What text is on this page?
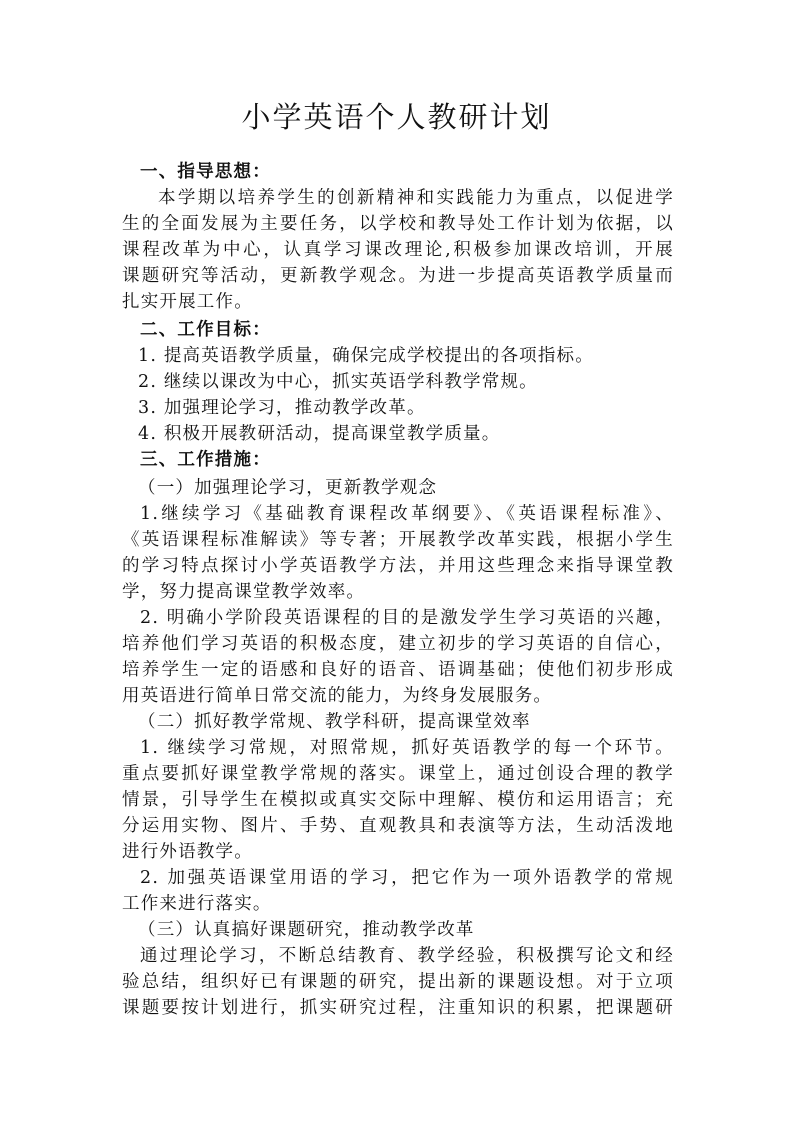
小学英语个人教研计划
一、指导思想：
本学期以培养学生的创新精神和实践能力为重点，以促进学
生的全面发展为主要任务，以学校和教导处工作计划为依据，以
课程改革为中心，认真学习课改理论,积极参加课改培训，开展
课题研究等活动，更新教学观念。为进一步提高英语教学质量而
扎实开展工作。
二、工作目标：
1. 提高英语教学质量，确保完成学校提出的各项指标。
2. 继续以课改为中心，抓实英语学科教学常规。
3. 加强理论学习，推动教学改革。
4. 积极开展教研活动，提高课堂教学质量。
三、工作措施：
（一）加强理论学习，更新教学观念
1.继续学习《基础教育课程改革纲要》、《英语课程标准》、
《英语课程标准解读》等专著；开展教学改革实践，根据小学生
的学习特点探讨小学英语教学方法，并用这些理念来指导课堂教
学，努力提高课堂教学效率。
2. 明确小学阶段英语课程的目的是激发学生学习英语的兴趣，
培养他们学习英语的积极态度，建立初步的学习英语的自信心，
培养学生一定的语感和良好的语音、语调基础；使他们初步形成
用英语进行简单日常交流的能力，为终身发展服务。
（二）抓好教学常规、教学科研，提高课堂效率
1. 继续学习常规，对照常规，抓好英语教学的每一个环节。
重点要抓好课堂教学常规的落实。课堂上，通过创设合理的教学
情景，引导学生在模拟或真实交际中理解、模仿和运用语言；充
分运用实物、图片、手势、直观教具和表演等方法，生动活泼地
进行外语教学。
2. 加强英语课堂用语的学习，把它作为一项外语教学的常规
工作来进行落实。
（三）认真搞好课题研究，推动教学改革
通过理论学习，不断总结教育、教学经验，积极撰写论文和经
验总结，组织好已有课题的研究，提出新的课题设想。对于立项
课题要按计划进行，抓实研究过程，注重知识的积累，把课题研
